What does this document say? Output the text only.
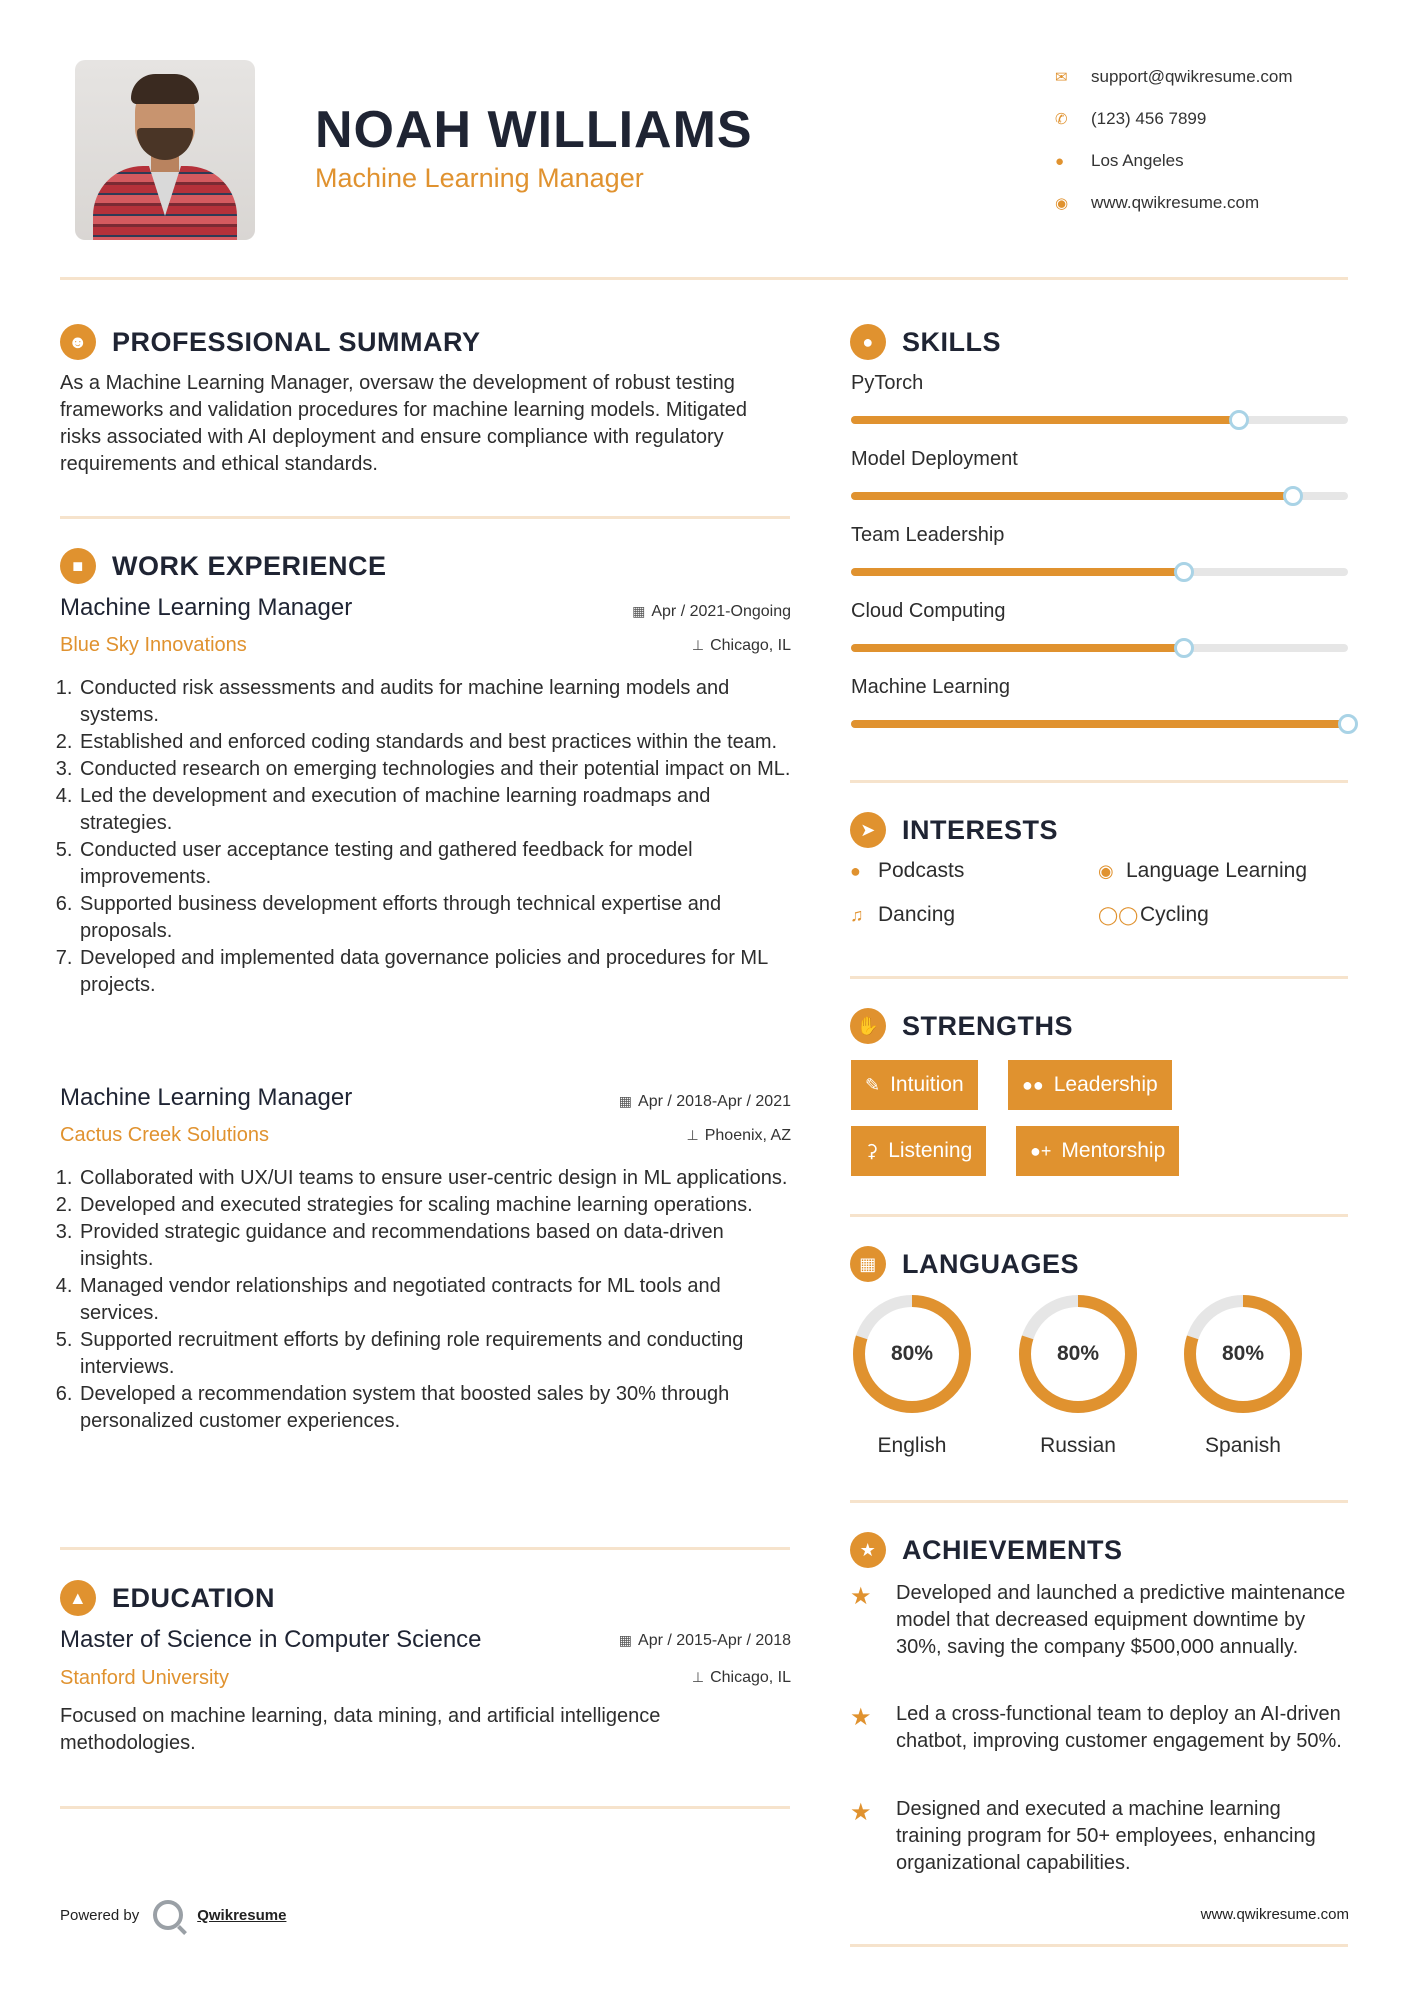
NOAH WILLIAMS
Machine Learning Manager
✉	support@qwikresume.com
✆	(123) 456 7899
●	Los Angeles
◉	www.qwikresume.com
☻ PROFESSIONAL SUMMARY
As a Machine Learning Manager, oversaw the development of robust testing frameworks and validation procedures for machine learning models. Mitigated risks associated with AI deployment and ensure compliance with regulatory requirements and ethical standards.
■	WORK EXPERIENCE
Machine Learning Manager	▦ Apr / 2021-Ongoing
Blue Sky Innovations	⊥ Chicago, IL
1. Conducted risk assessments and audits for machine learning models and systems.
2. Established and enforced coding standards and best practices within the team.
3. Conducted research on emerging technologies and their potential impact on ML.
4. Led the development and execution of machine learning roadmaps and strategies.
5. Conducted user acceptance testing and gathered feedback for model improvements.
6. Supported business development efforts through technical expertise and proposals.
7. Developed and implemented data governance policies and procedures for ML projects.
Machine Learning Manager	▦ Apr / 2018-Apr / 2021
Cactus Creek Solutions	⊥ Phoenix, AZ
1. Collaborated with UX/UI teams to ensure user-centric design in ML applications.
2. Developed and executed strategies for scaling machine learning operations.
3. Provided strategic guidance and recommendations based on data-driven insights.
4. Managed vendor relationships and negotiated contracts for ML tools and services.
5. Supported recruitment efforts by defining role requirements and conducting interviews.
6. Developed a recommendation system that boosted sales by 30% through personalized customer experiences.
▲ EDUCATION
Master of Science in Computer Science	▦ Apr / 2015-Apr / 2018
Stanford University	⊥ Chicago, IL
Focused on machine learning, data mining, and artificial intelligence methodologies.
●	SKILLS
PyTorch
Model Deployment
Team Leadership
Cloud Computing
Machine Learning
➤ INTERESTS
● Podcasts	◉ Language Learning
♫ Dancing	◯◯ Cycling
✋ STRENGTHS
✎ Intuition	●● Leadership
⚳ Listening	●+ Mentorship
▦ LANGUAGES
80%
English
80%
Russian
80%
Spanish
★ ACHIEVEMENTS
★ Developed and launched a predictive maintenance model that decreased equipment downtime by 30%, saving the company $500,000 annually.
★ Led a cross-functional team to deploy an AI-driven chatbot, improving customer engagement by 50%.
★ Designed and executed a machine learning training program for 50+ employees, enhancing organizational capabilities.
Powered by	Qwikresume	www.qwikresume.com
